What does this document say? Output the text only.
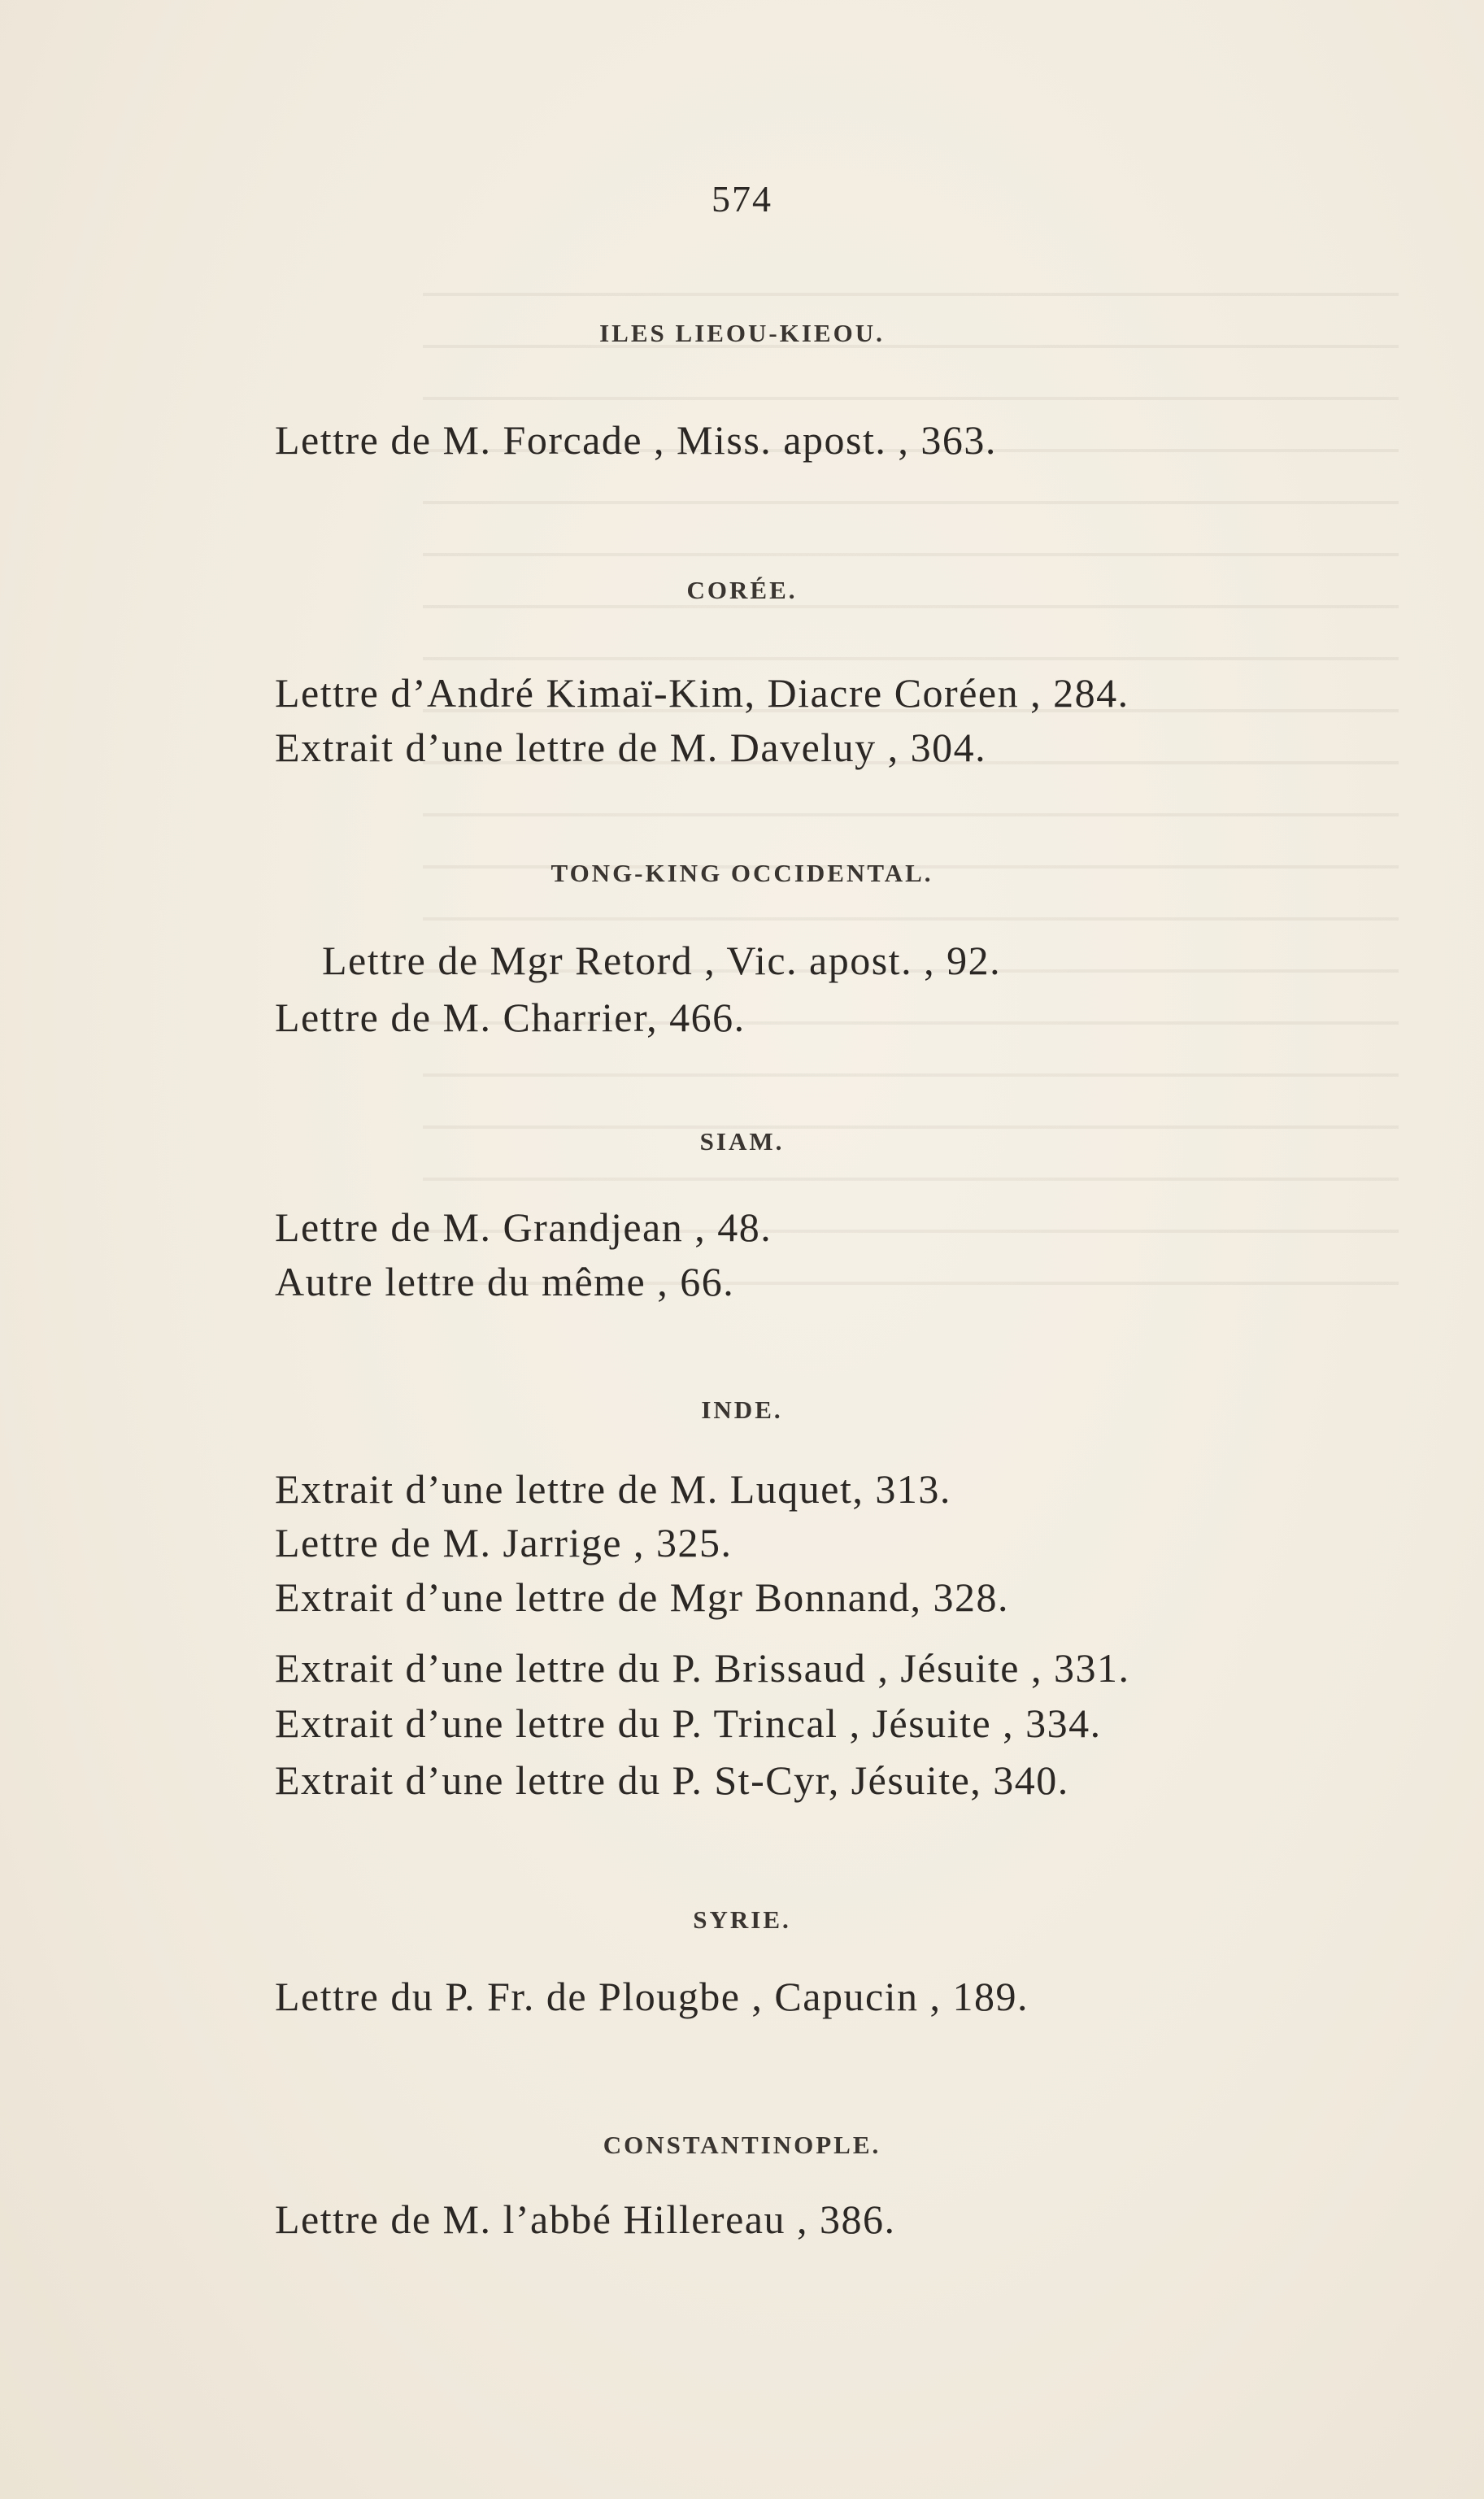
574
ILES LIEOU-KIEOU.
Lettre de M. Forcade , Miss. apost. , 363.
CORÉE.
Lettre d’André Kimaï-Kim, Diacre Coréen , 284.
Extrait d’une lettre de M. Daveluy , 304.
TONG-KING OCCIDENTAL.
Lettre de Mgr Retord , Vic. apost. , 92.
Lettre de M. Charrier, 466.
SIAM.
Lettre de M. Grandjean , 48.
Autre lettre du même , 66.
INDE.
Extrait d’une lettre de M. Luquet, 313.
Lettre de M. Jarrige , 325.
Extrait d’une lettre de Mgr Bonnand, 328.
Extrait d’une lettre du P. Brissaud , Jésuite , 331.
Extrait d’une lettre du P. Trincal , Jésuite , 334.
Extrait d’une lettre du P. St-Cyr, Jésuite, 340.
SYRIE.
Lettre du P. Fr. de Plougbe , Capucin , 189.
CONSTANTINOPLE.
Lettre de M. l’abbé Hillereau , 386.
